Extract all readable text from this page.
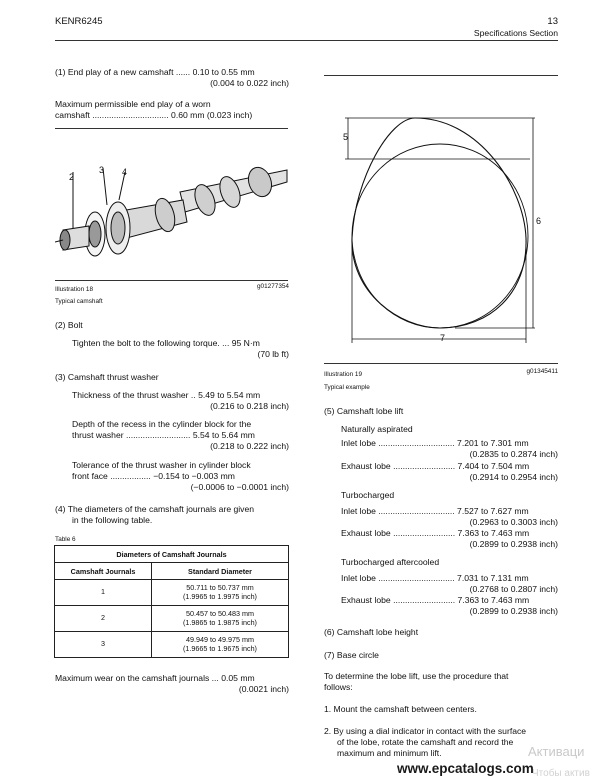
KENR6245	13
Specifications Section
(1) End play of a new camshaft ...... 0.10 to 0.55 mm
(0.004 to 0.022 inch)
Maximum permissible end play of a worn
camshaft ................................ 0.60 mm (0.023 inch)
2
3 4
Illustration 18	g01277354
Typical camshaft
(2) Bolt
Tighten the bolt to the following torque. ... 95 N·m
(70 lb ft)
(3) Camshaft thrust washer
Thickness of the thrust washer .. 5.49 to 5.54 mm
(0.216 to 0.218 inch)
Depth of the recess in the cylinder block for the
thrust washer ........................... 5.54 to 5.64 mm
(0.218 to 0.222 inch)
Tolerance of the thrust washer in cylinder block
front face ................. −0.154 to −0.003 mm
(−0.0006 to −0.0001 inch)
(4) The diameters of the camshaft journals are given
in the following table.
Table 6
Diameters of Camshaft Journals	
Camshaft Journals	Standard Diameter
1	50.711 to 50.737 mm
(1.9965 to 1.9975 inch)

2	50.457 to 50.483 mm
(1.9865 to 1.9875 inch)

3	49.949 to 49.975 mm
(1.9665 to 1.9675 inch)
Maximum wear on the camshaft journals ... 0.05 mm
(0.0021 inch)
5
6
7
Illustration 19	g01345411
Typical example
(5) Camshaft lobe lift
Naturally aspirated
Inlet lobe ................................ 7.201 to 7.301 mm
(0.2835 to 0.2874 inch)
Exhaust lobe .......................... 7.404 to 7.504 mm
(0.2914 to 0.2954 inch)
Turbocharged
Inlet lobe ................................ 7.527 to 7.627 mm
(0.2963 to 0.3003 inch)
Exhaust lobe .......................... 7.363 to 7.463 mm
(0.2899 to 0.2938 inch)
Turbocharged aftercooled
Inlet lobe ................................ 7.031 to 7.131 mm
(0.2768 to 0.2807 inch)
Exhaust lobe .......................... 7.363 to 7.463 mm
(0.2899 to 0.2938 inch)
(6) Camshaft lobe height
(7) Base circle
To determine the lobe lift, use the procedure that
follows:
1. Mount the camshaft between centers.
2. By using a dial indicator in contact with the surface
of the lobe, rotate the camshaft and record the
maximum and minimum lift.	Активаци
Чтобы актив
www.epcatalogs.com
